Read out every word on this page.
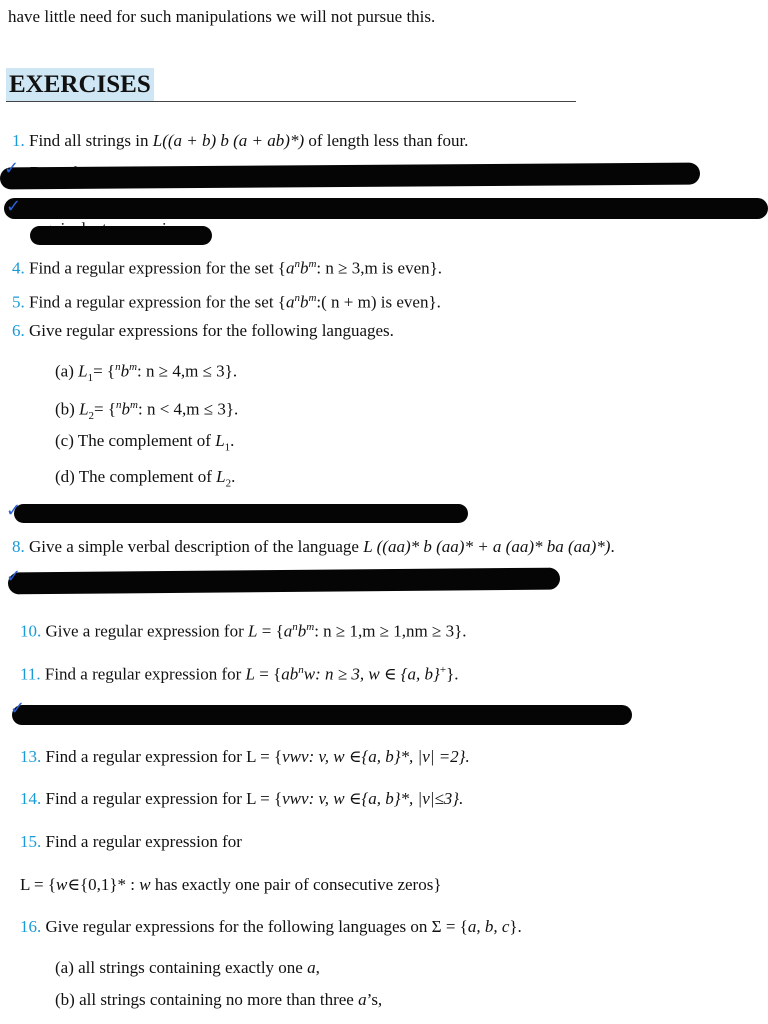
have little need for such manipulations we will not pursue this.
EXERCISES
1. Find all strings in L((a + b) b (a + ab)*) of length less than four.
✓
✓
4. Find a regular expression for the set {$a^nb^m$: n ≥ 3,m is even}.
5. Find a regular expression for the set {$a^nb^m$:( n + m) is even}.
6. Give regular expressions for the following languages.
(a) $L_1= \{^nb^m$: n ≥ 4,m ≤ 3}.
(b) $L_2= \{^nb^m$: n < 4,m ≤ 3}.
(c) The complement of $L_1$.
(d) The complement of $L_2$.
✓
8. Give a simple verbal description of the language L ((aa)* b (aa)* + a (aa)* ba (aa)*).
✓
10. Give a regular expression for $L = \{a^nb^m$: n ≥ 1,m ≥ 1,nm ≥ 3}.
11. Find a regular expression for $L = \{ab^nw$: n ≥ 3, w ∈ {a, b}+}.
✓
13. Find a regular expression for L = {vwv: v, w ∈{a, b}*, |v| =2}.
14. Find a regular expression for L = {vwv: v, w ∈{a, b}*, |v|≤3}.
15. Find a regular expression for
L = {w∈{0,1}* : w has exactly one pair of consecutive zeros}
16. Give regular expressions for the following languages on Σ = {a, b, c}.
(a) all strings containing exactly one a,
(b) all strings containing no more than three a’s,
